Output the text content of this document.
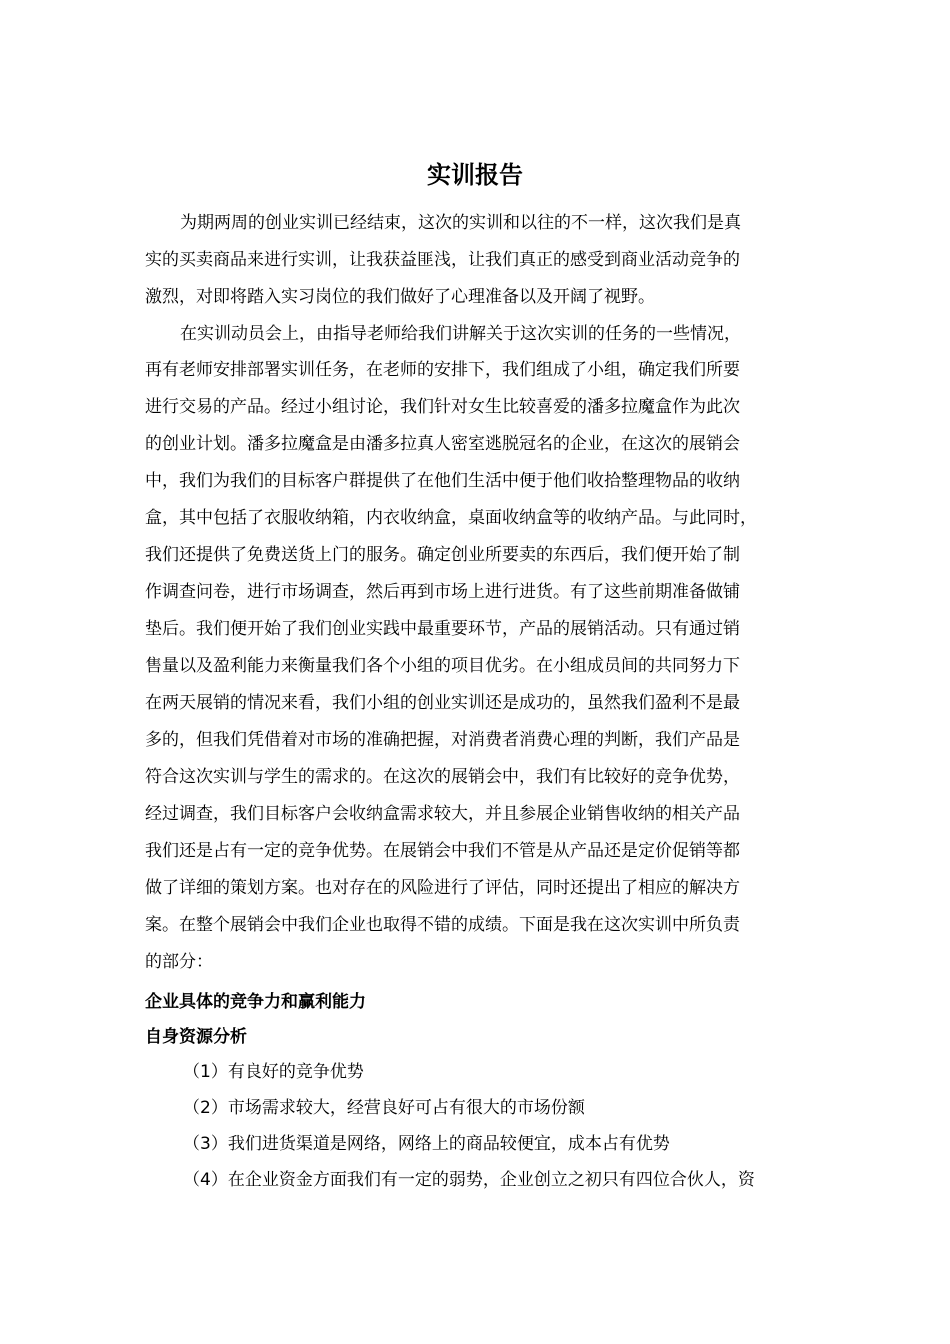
实训报告
为期两周的创业实训已经结束，这次的实训和以往的不一样，这次我们是真
实的买卖商品来进行实训，让我获益匪浅，让我们真正的感受到商业活动竞争的
激烈，对即将踏入实习岗位的我们做好了心理准备以及开阔了视野。
在实训动员会上，由指导老师给我们讲解关于这次实训的任务的一些情况，
再有老师安排部署实训任务，在老师的安排下，我们组成了小组，确定我们所要
进行交易的产品。经过小组讨论，我们针对女生比较喜爱的潘多拉魔盒作为此次
的创业计划。潘多拉魔盒是由潘多拉真人密室逃脱冠名的企业，在这次的展销会
中，我们为我们的目标客户群提供了在他们生活中便于他们收拾整理物品的收纳
盒，其中包括了衣服收纳箱，内衣收纳盒，桌面收纳盒等的收纳产品。与此同时，
我们还提供了免费送货上门的服务。确定创业所要卖的东西后，我们便开始了制
作调查问卷，进行市场调查，然后再到市场上进行进货。有了这些前期准备做铺
垫后。我们便开始了我们创业实践中最重要环节，产品的展销活动。只有通过销
售量以及盈利能力来衡量我们各个小组的项目优劣。在小组成员间的共同努力下
在两天展销的情况来看，我们小组的创业实训还是成功的，虽然我们盈利不是最
多的，但我们凭借着对市场的准确把握，对消费者消费心理的判断，我们产品是
符合这次实训与学生的需求的。在这次的展销会中，我们有比较好的竞争优势，
经过调查，我们目标客户会收纳盒需求较大，并且参展企业销售收纳的相关产品
我们还是占有一定的竞争优势。在展销会中我们不管是从产品还是定价促销等都
做了详细的策划方案。也对存在的风险进行了评估，同时还提出了相应的解决方
案。在整个展销会中我们企业也取得不错的成绩。下面是我在这次实训中所负责
的部分：
企业具体的竞争力和赢利能力
自身资源分析
（1）有良好的竞争优势
（2）市场需求较大，经营良好可占有很大的市场份额
（3）我们进货渠道是网络，网络上的商品较便宜，成本占有优势
（4）在企业资金方面我们有一定的弱势，企业创立之初只有四位合伙人，资
